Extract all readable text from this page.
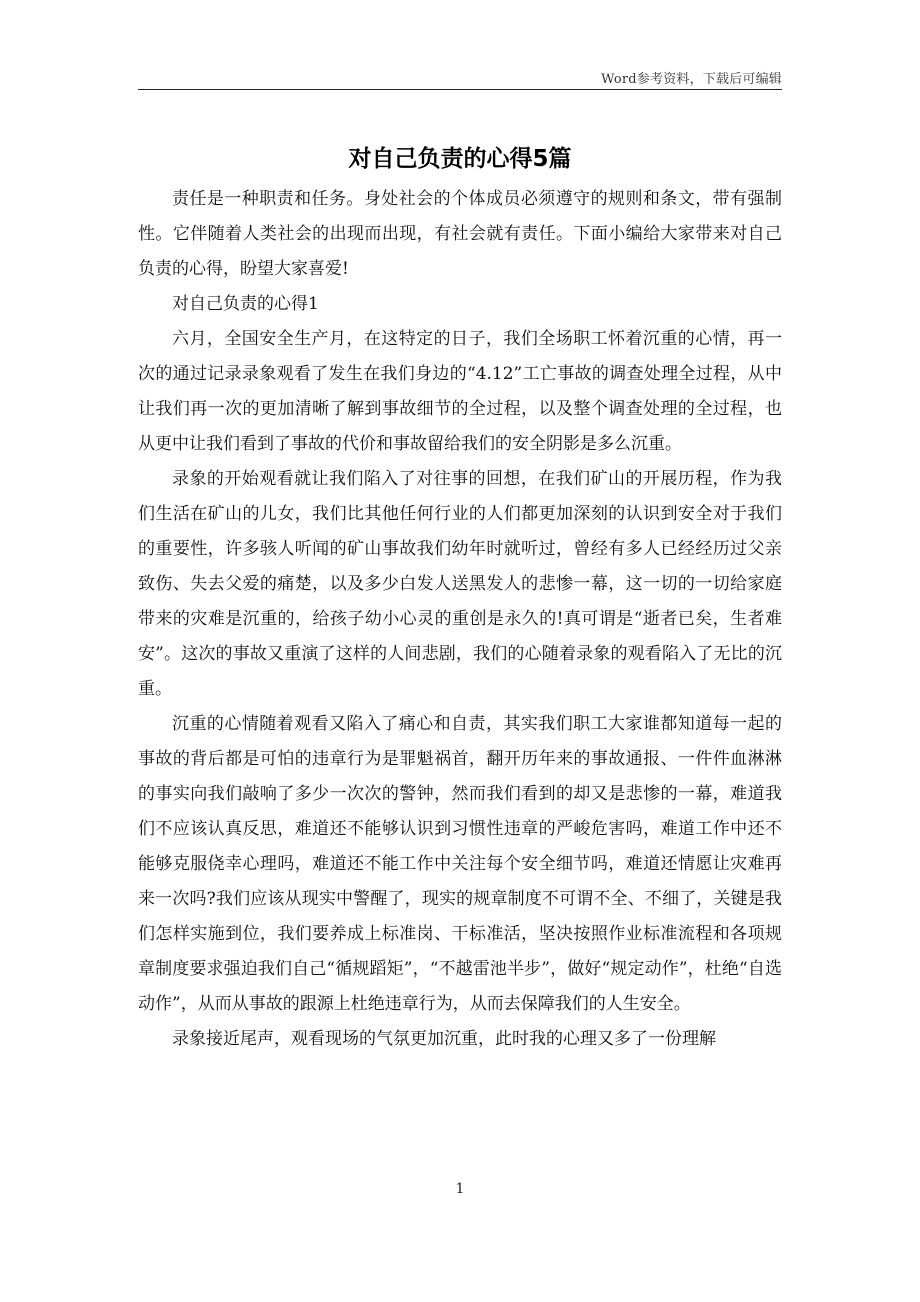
Word参考资料，下载后可编辑
对自己负责的心得5篇

责任是一种职责和任务。身处社会的个体成员必须遵守的规则和条文，带有强制性。它伴随着人类社会的出现而出现，有社会就有责任。下面小编给大家带来对自己负责的心得，盼望大家喜爱!

对自己负责的心得1

六月，全国安全生产月，在这特定的日子，我们全场职工怀着沉重的心情，再一次的通过记录录象观看了发生在我们身边的“4.12”工亡事故的调查处理全过程，从中让我们再一次的更加清晰了解到事故细节的全过程，以及整个调查处理的全过程，也从更中让我们看到了事故的代价和事故留给我们的安全阴影是多么沉重。

录象的开始观看就让我们陷入了对往事的回想，在我们矿山的开展历程，作为我们生活在矿山的儿女，我们比其他任何行业的人们都更加深刻的认识到安全对于我们的重要性，许多骇人听闻的矿山事故我们幼年时就听过，曾经有多人已经经历过父亲致伤、失去父爱的痛楚，以及多少白发人送黑发人的悲惨一幕，这一切的一切给家庭带来的灾难是沉重的，给孩子幼小心灵的重创是永久的!真可谓是“逝者已矣，生者难安”。这次的事故又重演了这样的人间悲剧，我们的心随着录象的观看陷入了无比的沉重。

沉重的心情随着观看又陷入了痛心和自责，其实我们职工大家谁都知道每一起的事故的背后都是可怕的违章行为是罪魁祸首，翻开历年来的事故通报、一件件血淋淋的事实向我们敲响了多少一次次的警钟，然而我们看到的却又是悲惨的一幕，难道我们不应该认真反思，难道还不能够认识到习惯性违章的严峻危害吗，难道工作中还不能够克服侥幸心理吗，难道还不能工作中关注每个安全细节吗，难道还情愿让灾难再来一次吗?我们应该从现实中警醒了，现实的规章制度不可谓不全、不细了，关键是我们怎样实施到位，我们要养成上标准岗、干标准活，坚决按照作业标准流程和各项规章制度要求强迫我们自己“循规蹈矩”，“不越雷池半步”，做好“规定动作”，杜绝“自选动作”，从而从事故的跟源上杜绝违章行为，从而去保障我们的人生安全。

录象接近尾声，观看现场的气氛更加沉重，此时我的心理又多了一份理解

1
